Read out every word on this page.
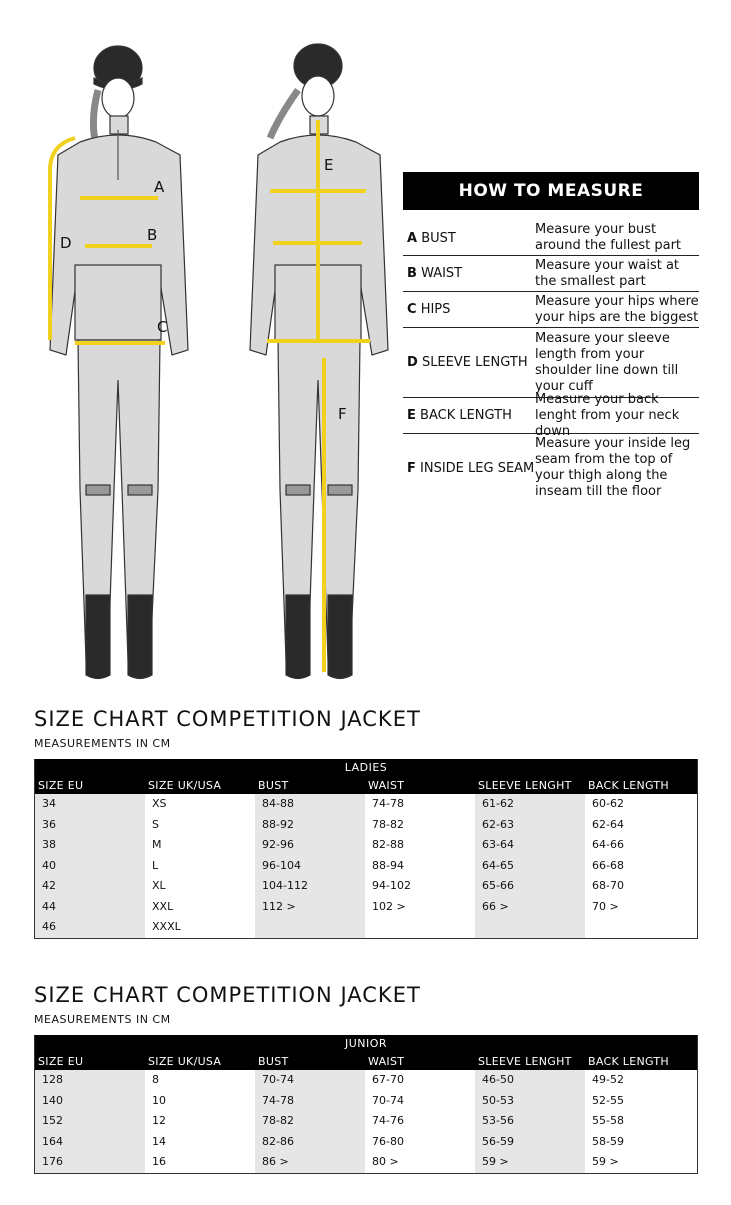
A
B
C
D
E
F
HOW TO MEASURE
A BUST
Measure your bust around the fullest part
B WAIST
Measure your waist at the smallest part
C HIPS
Measure your hips where your hips are the biggest
D SLEEVE LENGTH
Measure your sleeve length from your shoulder line down till your cuff
E BACK LENGTH
Measure your back lenght from your neck down
F INSIDE LEG SEAM
Measure your inside leg seam from the top of your thigh along the inseam till the floor
SIZE CHART COMPETITION JACKET
MEASUREMENTS IN CM
LADIES
SIZE EU	SIZE UK/USA	BUST	WAIST	SLEEVE LENGHT	BACK LENGTH
34	XS	84-88	74-78	61-62	60-62
36	S	88-92	78-82	62-63	62-64
38	M	92-96	82-88	63-64	64-66
40	L	96-104	88-94	64-65	66-68
42	XL	104-112	94-102	65-66	68-70
44	XXL	112 >	102 >	66 >	70 >
46	XXXL
SIZE CHART COMPETITION JACKET
MEASUREMENTS IN CM
JUNIOR
SIZE EU	SIZE UK/USA	BUST	WAIST	SLEEVE LENGHT	BACK LENGTH
128	8	70-74	67-70	46-50	49-52
140	10	74-78	70-74	50-53	52-55
152	12	78-82	74-76	53-56	55-58
164	14	82-86	76-80	56-59	58-59
176	16	86 >	80 >	59 >	59 >
